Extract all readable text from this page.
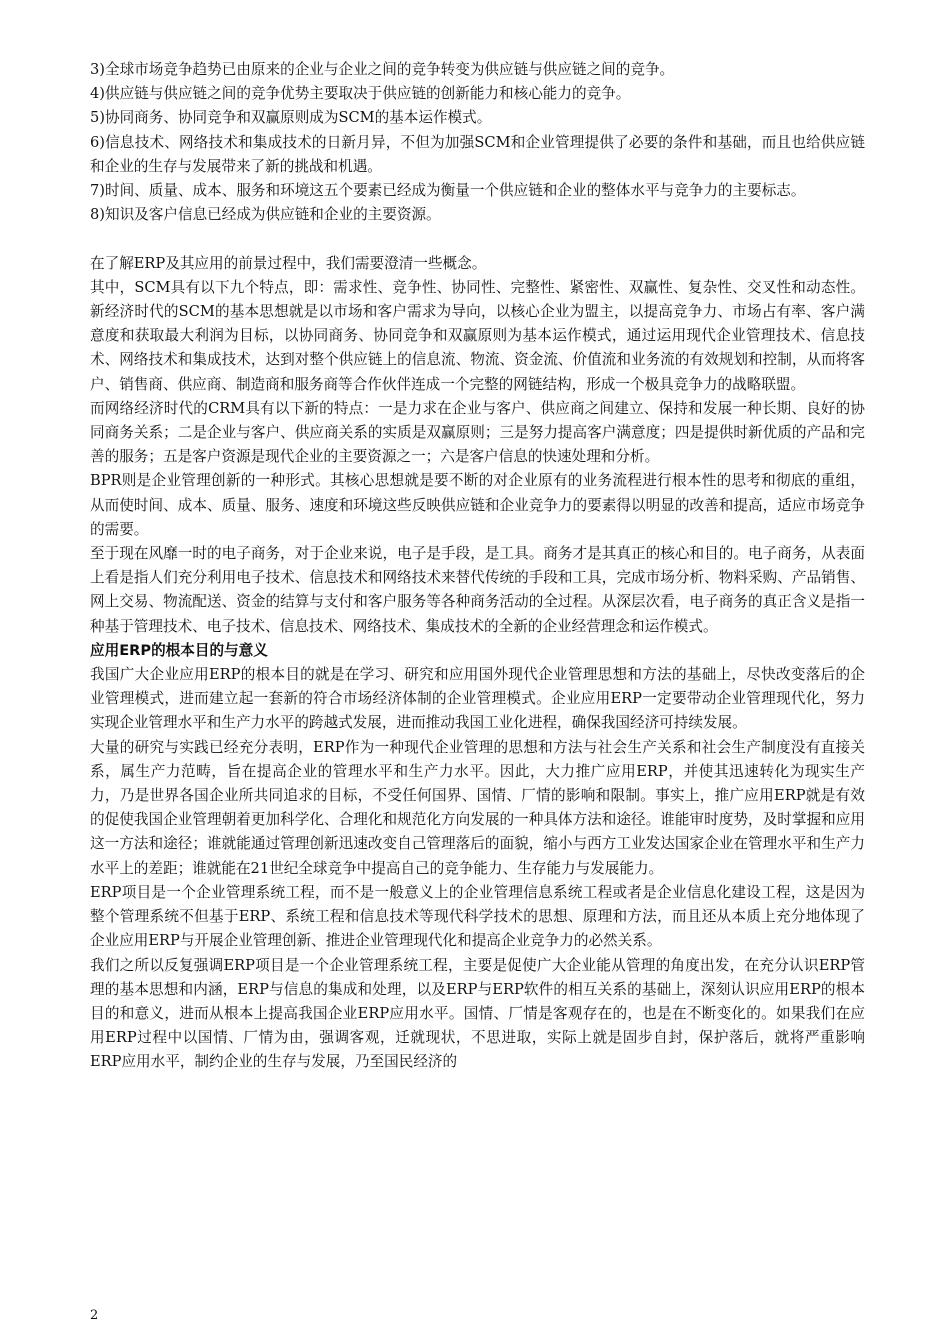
3)全球市场竞争趋势已由原来的企业与企业之间的竞争转变为供应链与供应链之间的竞争。

4)供应链与供应链之间的竞争优势主要取决于供应链的创新能力和核心能力的竞争。

5)协同商务、协同竞争和双赢原则成为SCM的基本运作模式。

6)信息技术、网络技术和集成技术的日新月异，不但为加强SCM和企业管理提供了必要的条件和基础，而且也给供应链和企业的生存与发展带来了新的挑战和机遇。

7)时间、质量、成本、服务和环境这五个要素已经成为衡量一个供应链和企业的整体水平与竞争力的主要标志。

8)知识及客户信息已经成为供应链和企业的主要资源。

在了解ERP及其应用的前景过程中，我们需要澄清一些概念。

其中，SCM具有以下九个特点，即：需求性、竞争性、协同性、完整性、紧密性、双赢性、复杂性、交叉性和动态性。新经济时代的SCM的基本思想就是以市场和客户需求为导向，以核心企业为盟主，以提高竞争力、市场占有率、客户满意度和获取最大利润为目标，以协同商务、协同竞争和双赢原则为基本运作模式，通过运用现代企业管理技术、信息技术、网络技术和集成技术，达到对整个供应链上的信息流、物流、资金流、价值流和业务流的有效规划和控制，从而将客户、销售商、供应商、制造商和服务商等合作伙伴连成一个完整的网链结构，形成一个极具竞争力的战略联盟。

而网络经济时代的CRM具有以下新的特点：一是力求在企业与客户、供应商之间建立、保持和发展一种长期、良好的协同商务关系；二是企业与客户、供应商关系的实质是双赢原则；三是努力提高客户满意度；四是提供时新优质的产品和完善的服务；五是客户资源是现代企业的主要资源之一；六是客户信息的快速处理和分析。

BPR则是企业管理创新的一种形式。其核心思想就是要不断的对企业原有的业务流程进行根本性的思考和彻底的重组，从而使时间、成本、质量、服务、速度和环境这些反映供应链和企业竞争力的要素得以明显的改善和提高，适应市场竞争的需要。

至于现在风靡一时的电子商务，对于企业来说，电子是手段，是工具。商务才是其真正的核心和目的。电子商务，从表面上看是指人们充分利用电子技术、信息技术和网络技术来替代传统的手段和工具，完成市场分析、物料采购、产品销售、网上交易、物流配送、资金的结算与支付和客户服务等各种商务活动的全过程。从深层次看，电子商务的真正含义是指一种基于管理技术、电子技术、信息技术、网络技术、集成技术的全新的企业经营理念和运作模式。

应用ERP的根本目的与意义

我国广大企业应用ERP的根本目的就是在学习、研究和应用国外现代企业管理思想和方法的基础上，尽快改变落后的企业管理模式，进而建立起一套新的符合市场经济体制的企业管理模式。企业应用ERP一定要带动企业管理现代化，努力实现企业管理水平和生产力水平的跨越式发展，进而推动我国工业化进程，确保我国经济可持续发展。

大量的研究与实践已经充分表明，ERP作为一种现代企业管理的思想和方法与社会生产关系和社会生产制度没有直接关系，属生产力范畴，旨在提高企业的管理水平和生产力水平。因此，大力推广应用ERP，并使其迅速转化为现实生产力，乃是世界各国企业所共同追求的目标，不受任何国界、国情、厂情的影响和限制。事实上，推广应用ERP就是有效的促使我国企业管理朝着更加科学化、合理化和规范化方向发展的一种具体方法和途径。谁能审时度势，及时掌握和应用这一方法和途径；谁就能通过管理创新迅速改变自己管理落后的面貌，缩小与西方工业发达国家企业在管理水平和生产力水平上的差距；谁就能在21世纪全球竞争中提高自己的竞争能力、生存能力与发展能力。

ERP项目是一个企业管理系统工程，而不是一般意义上的企业管理信息系统工程或者是企业信息化建设工程，这是因为整个管理系统不但基于ERP、系统工程和信息技术等现代科学技术的思想、原理和方法，而且还从本质上充分地体现了企业应用ERP与开展企业管理创新、推进企业管理现代化和提高企业竞争力的必然关系。

我们之所以反复强调ERP项目是一个企业管理系统工程，主要是促使广大企业能从管理的角度出发，在充分认识ERP管理的基本思想和内涵，ERP与信息的集成和处理，以及ERP与ERP软件的相互关系的基础上，深刻认识应用ERP的根本目的和意义，进而从根本上提高我国企业ERP应用水平。国情、厂情是客观存在的，也是在不断变化的。如果我们在应用ERP过程中以国情、厂情为由，强调客观，迁就现状，不思进取，实际上就是固步自封，保护落后，就将严重影响ERP应用水平，制约企业的生存与发展，乃至国民经济的

2
